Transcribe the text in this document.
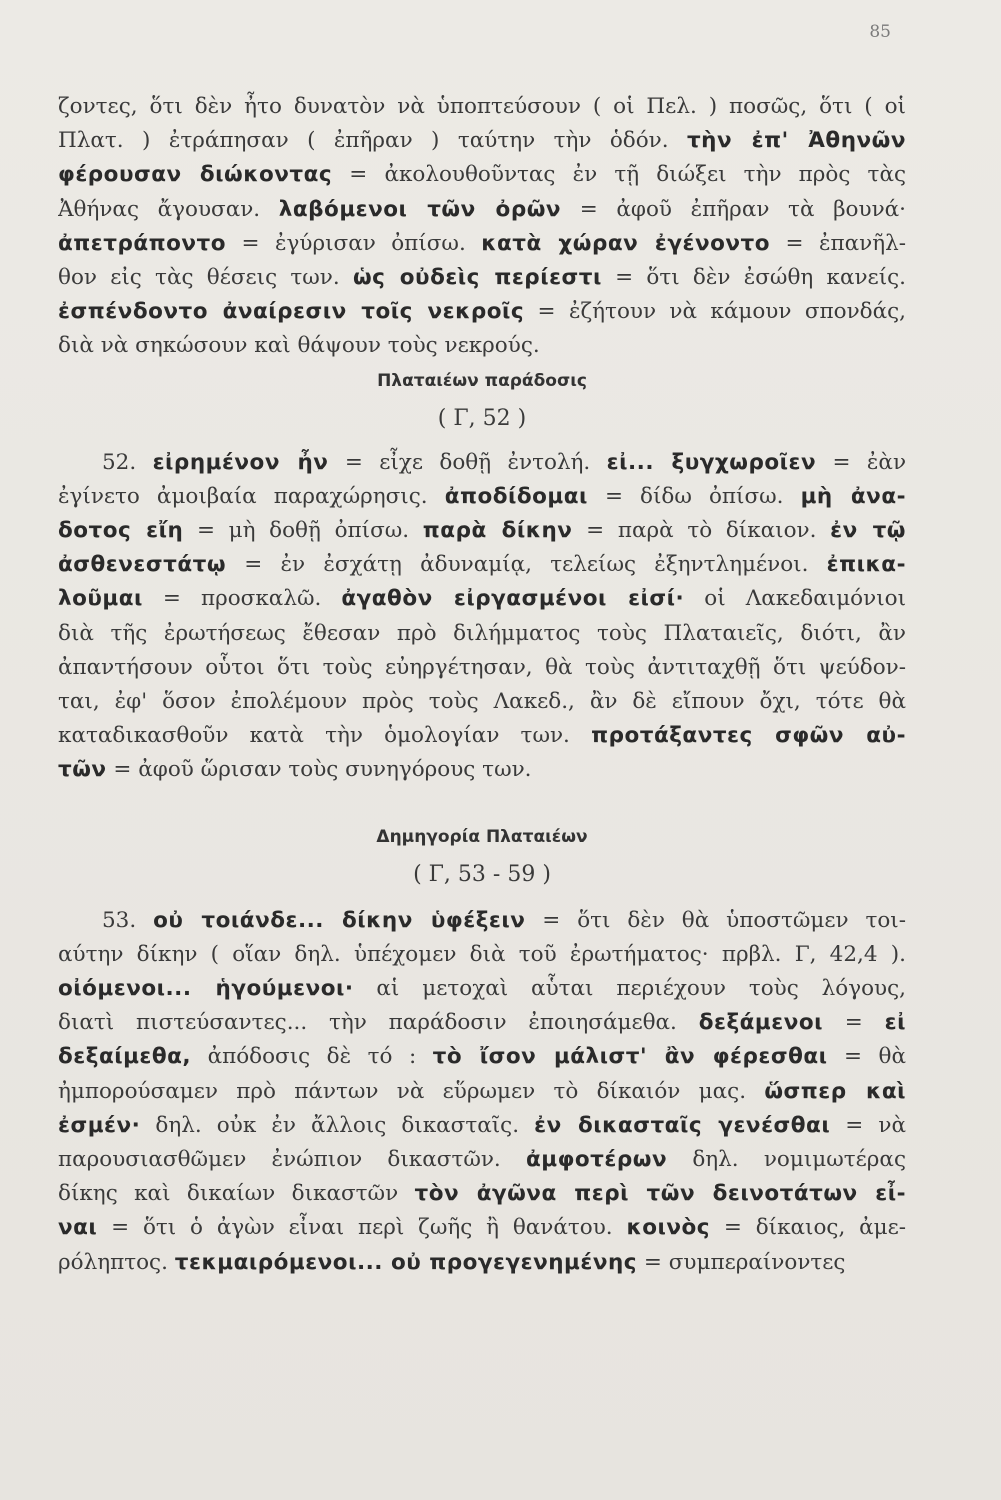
85
ζοντες, ὅτι δὲν ἦτο δυνατὸν νὰ ὑποπτεύσουν ( οἱ Πελ. ) ποσῶς, ὅτι ( οἱ
Πλατ. ) ἐτράπησαν ( ἐπῆραν ) ταύτην τὴν ὁδόν. τὴν ἐπ' Ἀθηνῶν
φέρουσαν διώκοντας = ἀκολουθοῦντας ἐν τῇ διώξει τὴν πρὸς τὰς
Ἀθήνας ἄγουσαν. λαβόμενοι τῶν ὀρῶν = ἀφοῦ ἐπῆραν τὰ βουνά·
ἀπετράποντο = ἐγύρισαν ὀπίσω. κατὰ χώραν ἐγένοντο = ἐπανῆλ-
θον εἰς τὰς θέσεις των. ὡς οὐδεὶς περίεστι = ὅτι δὲν ἐσώθη κανείς.
ἐσπένδοντο ἀναίρεσιν τοῖς νεκροῖς = ἐζήτουν νὰ κάμουν σπονδάς,
διὰ νὰ σηκώσουν καὶ θάψουν τοὺς νεκρούς.
Πλαταιέων παράδοσις
( Γ, 52 )
52. εἰρημένον ἦν = εἶχε δοθῇ ἐντολή. εἰ... ξυγχωροῖεν = ἐὰν
ἐγίνετο ἀμοιβαία παραχώρησις. ἀποδίδομαι = δίδω ὀπίσω. μὴ ἀνα-
δοτος εἴη = μὴ δοθῇ ὀπίσω. παρὰ δίκην = παρὰ τὸ δίκαιον. ἐν τῷ
ἀσθενεστάτῳ = ἐν ἐσχάτῃ ἀδυναμίᾳ, τελείως ἐξηντλημένοι. ἐπικα-
λοῦμαι = προσκαλῶ. ἀγαθὸν εἰργασμένοι εἰσί· οἱ Λακεδαιμόνιοι
διὰ τῆς ἐρωτήσεως ἔθεσαν πρὸ διλήμματος τοὺς Πλαταιεῖς, διότι, ἂν
ἀπαντήσουν οὗτοι ὅτι τοὺς εὐηργέτησαν, θὰ τοὺς ἀντιταχθῇ ὅτι ψεύδον-
ται, ἐφ' ὅσον ἐπολέμουν πρὸς τοὺς Λακεδ., ἂν δὲ εἴπουν ὄχι, τότε θὰ
καταδικασθοῦν κατὰ τὴν ὁμολογίαν των. προτάξαντες σφῶν αὐ-
τῶν = ἀφοῦ ὥρισαν τοὺς συνηγόρους των.
Δημηγορία Πλαταιέων
( Γ, 53 - 59 )
53. οὐ τοιάνδε... δίκην ὑφέξειν = ὅτι δὲν θὰ ὑποστῶμεν τοι-
αύτην δίκην ( οἵαν δηλ. ὑπέχομεν διὰ τοῦ ἐρωτήματος· πρβλ. Γ, 42,4 ).
οἰόμενοι... ἡγούμενοι· αἱ μετοχαὶ αὗται περιέχουν τοὺς λόγους,
διατὶ πιστεύσαντες... τὴν παράδοσιν ἐποιησάμεθα. δεξάμενοι = εἰ
δεξαίμεθα, ἀπόδοσις δὲ τό : τὸ ἴσον μάλιστ' ἂν φέρεσθαι = θὰ
ἠμπορούσαμεν πρὸ πάντων νὰ εὕρωμεν τὸ δίκαιόν μας. ὥσπερ καὶ
ἐσμέν· δηλ. οὐκ ἐν ἄλλοις δικασταῖς. ἐν δικασταῖς γενέσθαι = νὰ
παρουσιασθῶμεν ἐνώπιον δικαστῶν. ἀμφοτέρων δηλ. νομιμωτέρας
δίκης καὶ δικαίων δικαστῶν τὸν ἀγῶνα περὶ τῶν δεινοτάτων εἶ-
ναι = ὅτι ὁ ἀγὼν εἶναι περὶ ζωῆς ἢ θανάτου. κοινὸς = δίκαιος, ἀμε-
ρόληπτος. τεκμαιρόμενοι... οὐ προγεγενημένης = συμπεραίνοντες
